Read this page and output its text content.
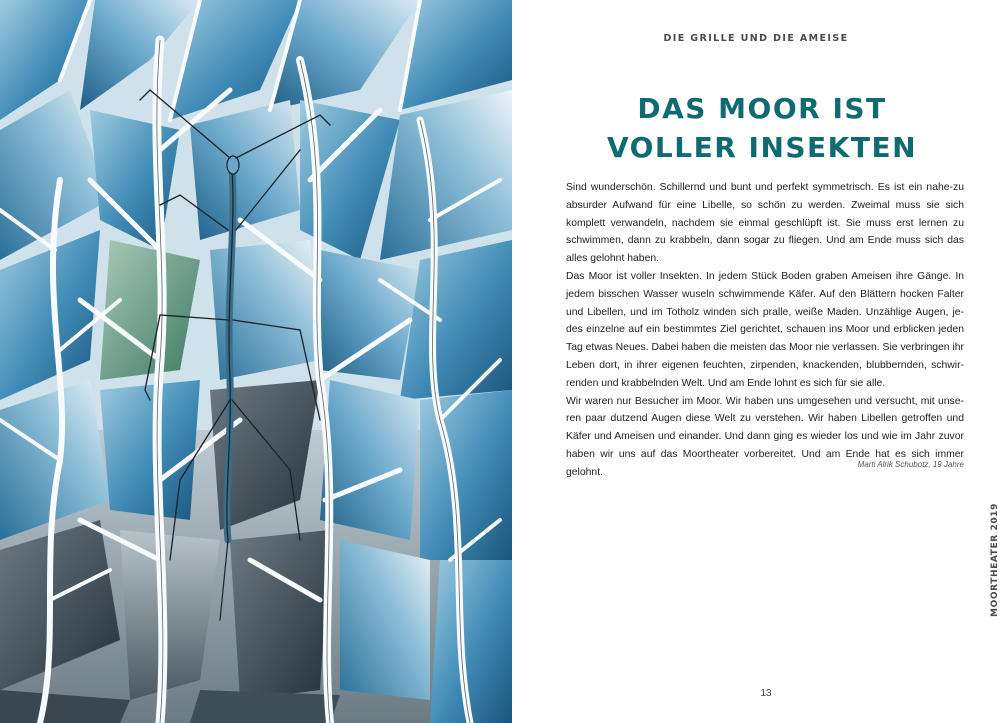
DIE GRILLE UND DIE AMEISE
DAS MOOR IST
VOLLER INSEKTEN

Sind wunderschön. Schillernd und bunt und perfekt symmetrisch. Es ist ein nahe-zu absurder Aufwand für eine Libelle, so schön zu werden. Zweimal muss sie sich komplett verwandeln, nachdem sie einmal geschlüpft ist. Sie muss erst lernen zu schwimmen, dann zu krabbeln, dann sogar zu fliegen. Und am Ende muss sich das alles gelohnt haben.

Das Moor ist voller Insekten. In jedem Stück Boden graben Ameisen ihre Gänge. In jedem bisschen Wasser wuseln schwimmende Käfer. Auf den Blättern hocken Falter und Libellen, und im Totholz winden sich pralle, weiße Maden. Unzählige Augen, je-des einzelne auf ein bestimmtes Ziel gerichtet, schauen ins Moor und erblicken jeden Tag etwas Neues. Dabei haben die meisten das Moor nie verlassen. Sie verbringen ihr Leben dort, in ihrer eigenen feuchten, zirpenden, knackenden, blubbernden, schwir-renden und krabbelnden Welt. Und am Ende lohnt es sich für sie alle.

Wir waren nur Besucher im Moor. Wir haben uns umgesehen und versucht, mit unse-ren paar dutzend Augen diese Welt zu verstehen. Wir haben Libellen getroffen und Käfer und Ameisen und einander. Und dann ging es wieder los und wie im Jahr zuvor haben wir uns auf das Moortheater vorbereitet. Und am Ende hat es sich immer gelohnt.

Marti Alrik Schubotz, 19 Jahre
MOORTHEATER 2019
13
